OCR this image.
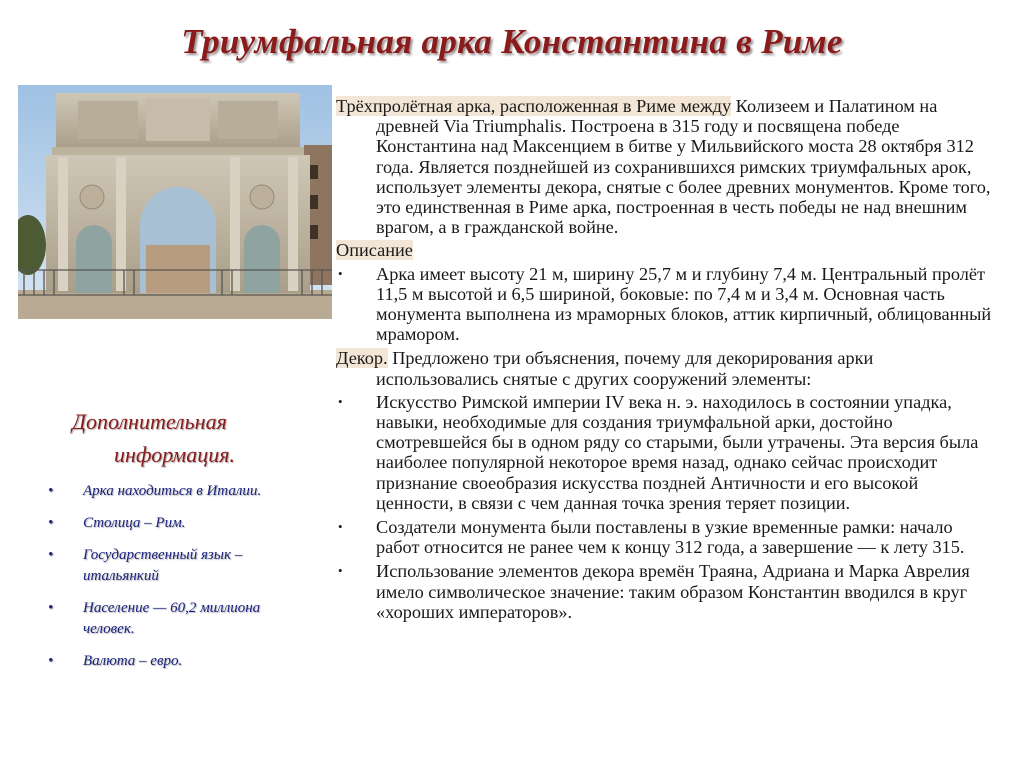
Триумфальная арка Константина в Риме
Дополнительная
информация.
• Арка находиться в Италии.
• Столица – Рим.
• Государственный язык – итальянкий
• Население — 60,2 миллиона человек.
• Валюта – евро.

Трёхпролётная арка, расположенная в Риме между Колизеем и Палатином на древней Via Triumphalis. Построена в 315 году и посвящена победе Константина над Максенцием в битве у Мильвийского моста 28 октября 312 года. Является позднейшей из сохранившихся римских триумфальных арок, использует элементы декора, снятые с более древних монументов. Кроме того, это единственная в Риме арка, построенная в честь победы не над внешним врагом, а в гражданской войне.

Описание

• Арка имеет высоту 21 м, ширину 25,7 м и глубину 7,4 м. Центральный пролёт 11,5 м высотой и 6,5 шириной, боковые: по 7,4 м и 3,4 м. Основная часть монумента выполнена из мраморных блоков, аттик кирпичный, облицованный мрамором.

Декор. Предложено три объяснения, почему для декорирования арки использовались снятые с других сооружений элементы:

• Искусство Римской империи IV века н. э. находилось в состоянии упадка, навыки, необходимые для создания триумфальной арки, достойно смотревшейся бы в одном ряду со старыми, были утрачены. Эта версия была наиболее популярной некоторое время назад, однако сейчас происходит признание своеобразия искусства поздней Античности и его высокой ценности, в связи с чем данная точка зрения теряет позиции.
• Создатели монумента были поставлены в узкие временные рамки: начало работ относится не ранее чем к концу 312 года, а завершение — к лету 315.
• Использование элементов декора времён Траяна, Адриана и Марка Аврелия имело символическое значение: таким образом Константин вводился в круг «хороших императоров».
